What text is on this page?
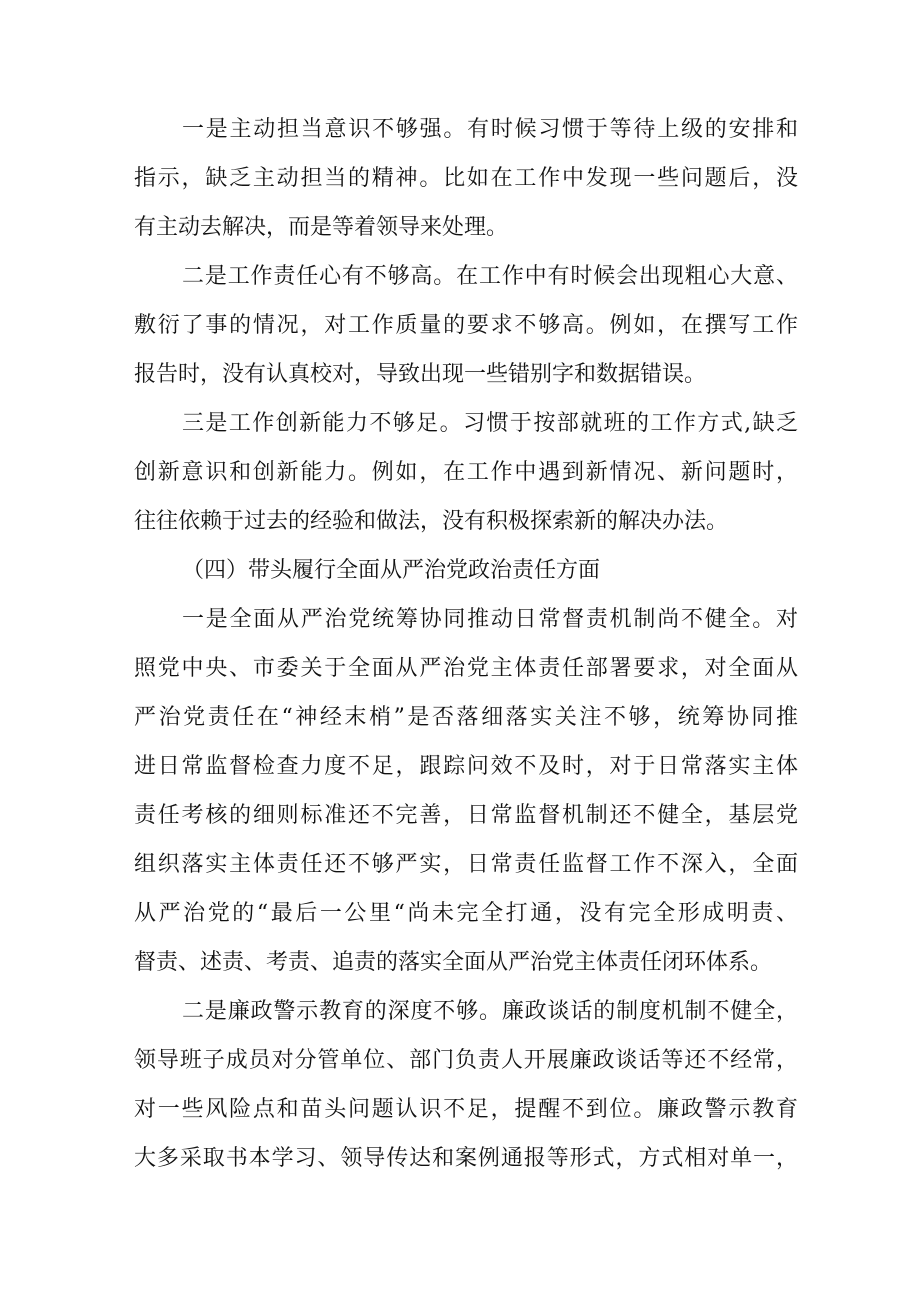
一是主动担当意识不够强。有时候习惯于等待上级的安排和
指示，缺乏主动担当的精神。比如在工作中发现一些问题后，没
有主动去解决，而是等着领导来处理。
二是工作责任心有不够高。在工作中有时候会出现粗心大意、
敷衍了事的情况，对工作质量的要求不够高。例如，在撰写工作
报告时，没有认真校对，导致出现一些错别字和数据错误。
三是工作创新能力不够足。习惯于按部就班的工作方式,缺乏
创新意识和创新能力。例如，在工作中遇到新情况、新问题时，
往往依赖于过去的经验和做法，没有积极探索新的解决办法。
（四）带头履行全面从严治党政治责任方面
一是全面从严治党统筹协同推动日常督责机制尚不健全。对
照党中央、市委关于全面从严治党主体责任部署要求，对全面从
严治党责任在“神经末梢”是否落细落实关注不够，统筹协同推
进日常监督检查力度不足，跟踪问效不及时，对于日常落实主体
责任考核的细则标准还不完善，日常监督机制还不健全，基层党
组织落实主体责任还不够严实，日常责任监督工作不深入，全面
从严治党的“最后一公里“尚未完全打通，没有完全形成明责、
督责、述责、考责、追责的落实全面从严治党主体责任闭环体系。
二是廉政警示教育的深度不够。廉政谈话的制度机制不健全，
领导班子成员对分管单位、部门负责人开展廉政谈话等还不经常，
对一些风险点和苗头问题认识不足，提醒不到位。廉政警示教育
大多采取书本学习、领导传达和案例通报等形式，方式相对单一，
